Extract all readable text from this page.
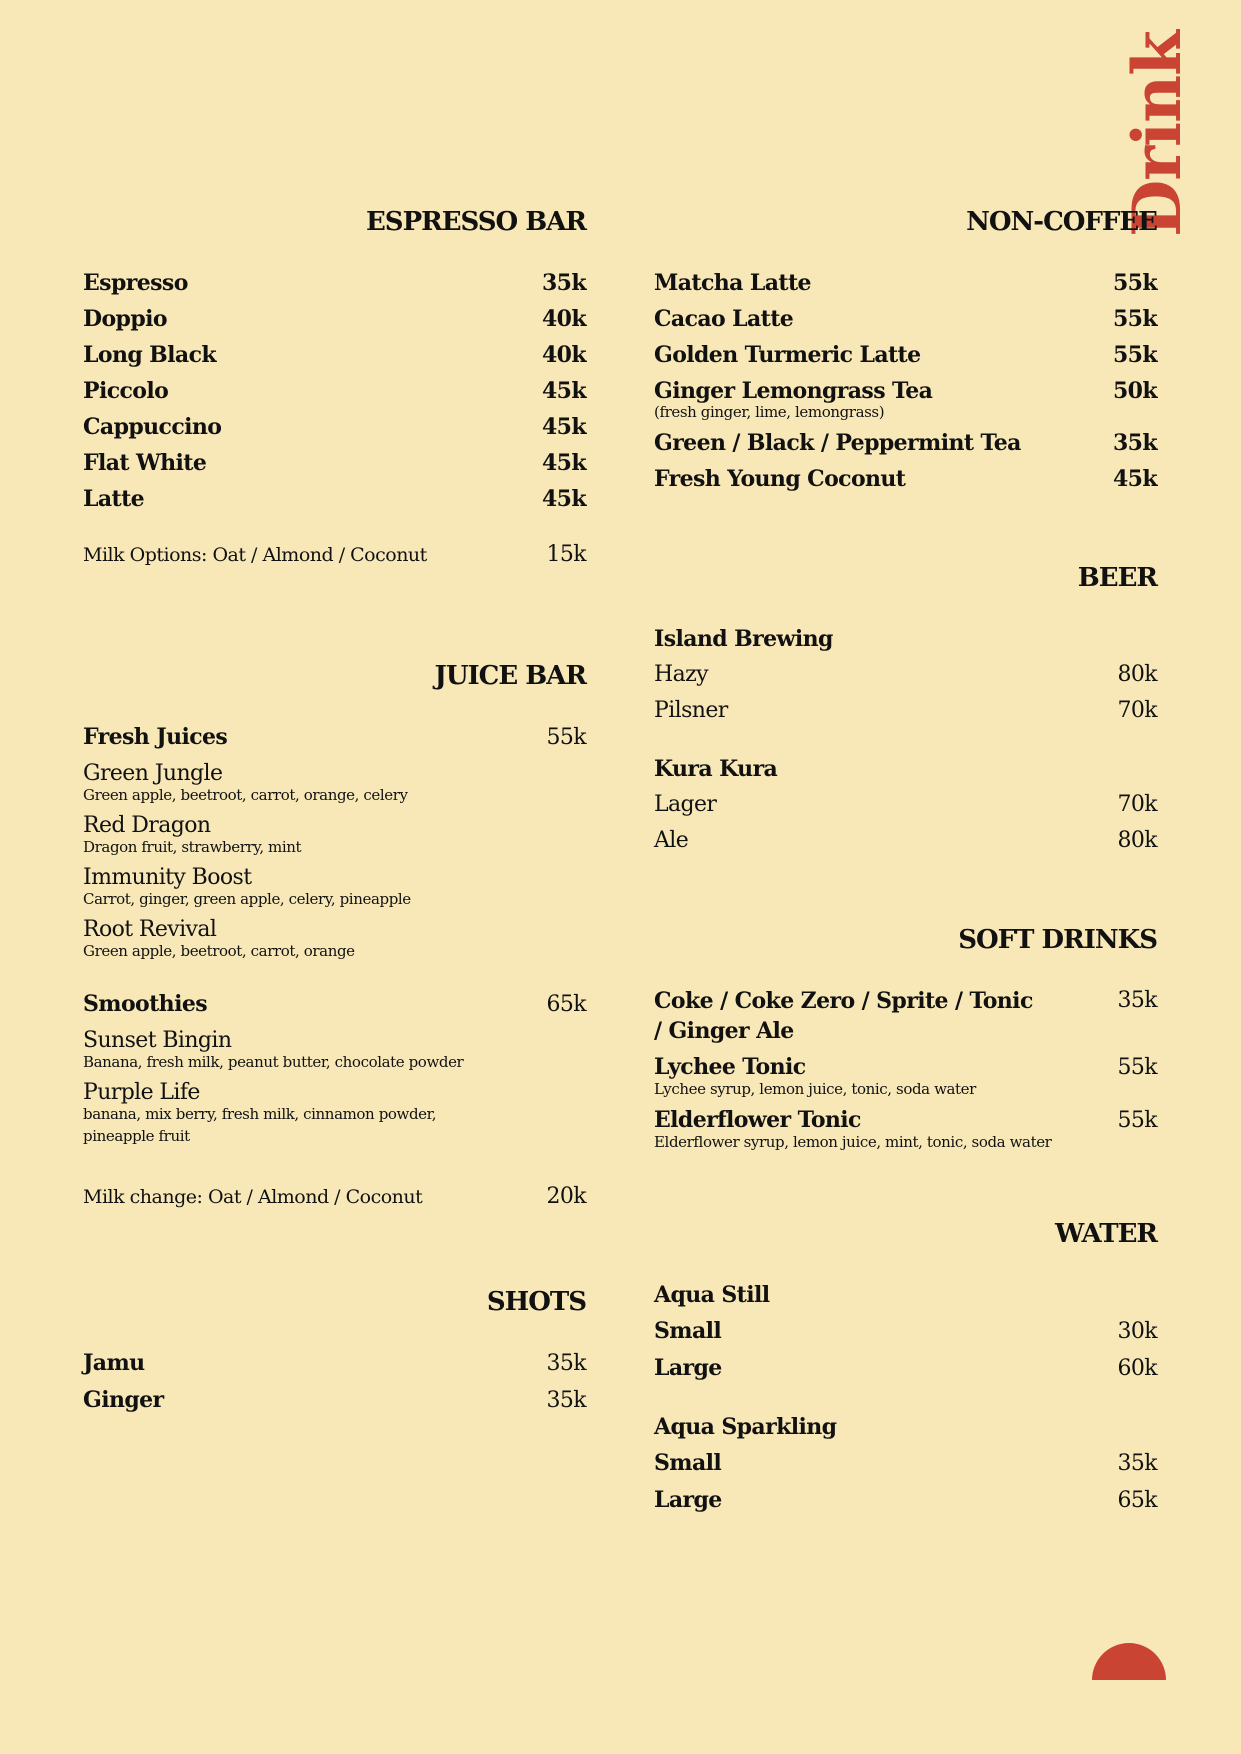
Drink
ESPRESSO BAR
Espresso	35k
Doppio	40k
Long Black	40k
Piccolo	45k
Cappuccino	45k
Flat White	45k
Latte	45k
Milk Options: Oat / Almond / Coconut	15k
JUICE BAR
Fresh Juices	55k
Green Jungle
Green apple, beetroot, carrot, orange, celery
Red Dragon
Dragon fruit, strawberry, mint
Immunity Boost
Carrot, ginger, green apple, celery, pineapple
Root Revival
Green apple, beetroot, carrot, orange
Smoothies	65k
Sunset Bingin
Banana, fresh milk, peanut butter, chocolate powder
Purple Life
banana, mix berry, fresh milk, cinnamon powder, pineapple fruit
Milk change: Oat / Almond / Coconut	20k
SHOTS
Jamu	35k
Ginger	35k
NON-COFFEE
Matcha Latte	55k
Cacao Latte	55k
Golden Turmeric Latte	55k
Ginger Lemongrass Tea	50k
(fresh ginger, lime, lemongrass)
Green / Black / Peppermint Tea	35k
Fresh Young Coconut	45k
BEER
Island Brewing
Hazy	80k
Pilsner	70k
Kura Kura
Lager	70k
Ale	80k
SOFT DRINKS
Coke / Coke Zero / Sprite / Tonic / Ginger Ale
35k
Lychee Tonic	55k
Lychee syrup, lemon juice, tonic, soda water
Elderflower Tonic	55k
Elderflower syrup, lemon juice, mint, tonic, soda water
WATER
Aqua Still
Small	30k
Large	60k
Aqua Sparkling
Small	35k
Large	65k
